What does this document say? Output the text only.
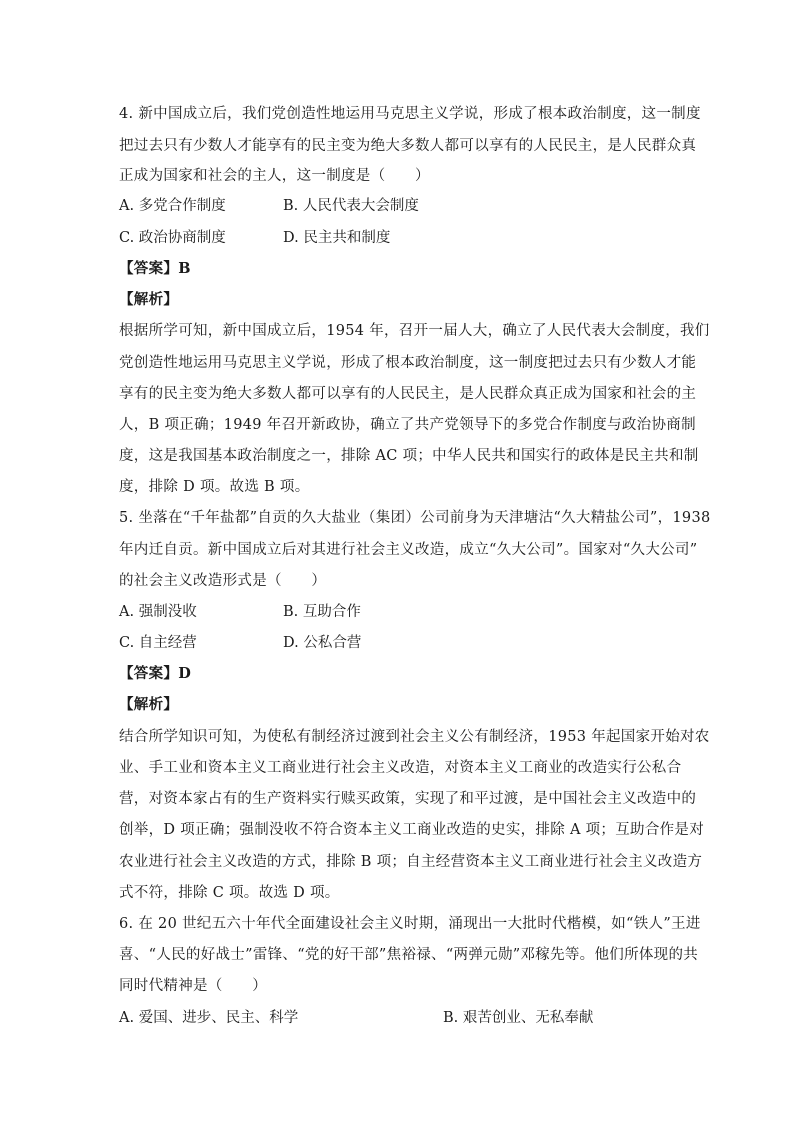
4. 新中国成立后，我们党创造性地运用马克思主义学说，形成了根本政治制度，这一制度
把过去只有少数人才能享有的民主变为绝大多数人都可以享有的人民民主，是人民群众真
正成为国家和社会的主人，这一制度是（　　）
A. 多党合作制度	B. 人民代表大会制度
C. 政治协商制度	D. 民主共和制度
【答案】B
【解析】
根据所学可知，新中国成立后，1954 年，召开一届人大，确立了人民代表大会制度，我们
党创造性地运用马克思主义学说，形成了根本政治制度，这一制度把过去只有少数人才能
享有的民主变为绝大多数人都可以享有的人民民主，是人民群众真正成为国家和社会的主
人，B 项正确；1949 年召开新政协，确立了共产党领导下的多党合作制度与政治协商制
度，这是我国基本政治制度之一，排除 AC 项；中华人民共和国实行的政体是民主共和制
度，排除 D 项。故选 B 项。
5. 坐落在“千年盐都”自贡的久大盐业（集团）公司前身为天津塘沽“久大精盐公司”，1938
年内迁自贡。新中国成立后对其进行社会主义改造，成立“久大公司”。国家对“久大公司”
的社会主义改造形式是（　　）
A. 强制没收	B. 互助合作
C. 自主经营	D. 公私合营
【答案】D
【解析】
结合所学知识可知，为使私有制经济过渡到社会主义公有制经济，1953 年起国家开始对农
业、手工业和资本主义工商业进行社会主义改造，对资本主义工商业的改造实行公私合
营，对资本家占有的生产资料实行赎买政策，实现了和平过渡，是中国社会主义改造中的
创举，D 项正确；强制没收不符合资本主义工商业改造的史实，排除 A 项；互助合作是对
农业进行社会主义改造的方式，排除 B 项；自主经营资本主义工商业进行社会主义改造方
式不符，排除 C 项。故选 D 项。
6. 在 20 世纪五六十年代全面建设社会主义时期，涌现出一大批时代楷模，如“铁人”王进
喜、“人民的好战士”雷锋、“党的好干部”焦裕禄、“两弹元勋”邓稼先等。他们所体现的共
同时代精神是（　　）
A. 爱国、进步、民主、科学	B. 艰苦创业、无私奉献
